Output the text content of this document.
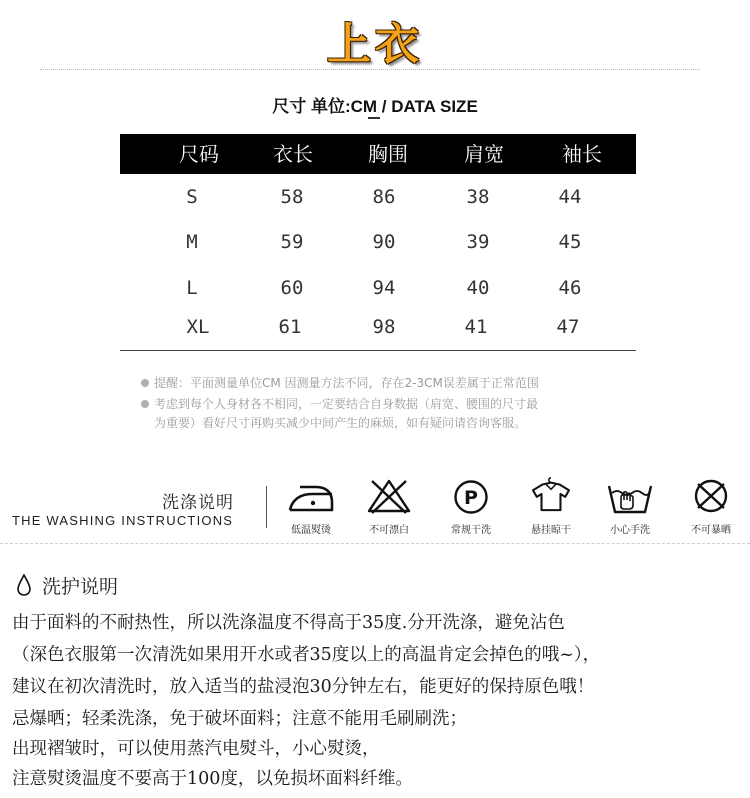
上衣
尺寸 单位:CM / DATA SIZE
尺码	衣长	胸围	肩宽	袖长
S	58	86	38	44
M	59	90	39	45
L	60	94	40	46
XL	61	98	41	47
提醒：平面测量单位CM 因测量方法不同，存在2-3CM误差属于正常范围
考虑到每个人身材各不相同，一定要结合自身数据（肩宽、腰围的尺寸最
为重要）看好尺寸再购买减少中间产生的麻烦，如有疑问请咨询客服。
洗涤说明
THE WASHING INSTRUCTIONS
低温熨烫	不可漂白
P
常规干洗	悬挂晾干	小心手洗	不可暴晒
洗护说明
由于面料的不耐热性，所以洗涤温度不得高于35度.分开洗涤，避免沾色
（深色衣服第一次清洗如果用开水或者35度以上的高温肯定会掉色的哦~），
建议在初次清洗时，放入适当的盐浸泡30分钟左右，能更好的保持原色哦！
忌爆晒；轻柔洗涤，免于破坏面料；注意不能用毛刷刷洗；
出现褶皱时，可以使用蒸汽电熨斗，小心熨烫，
注意熨烫温度不要高于100度，以免损坏面料纤维。
